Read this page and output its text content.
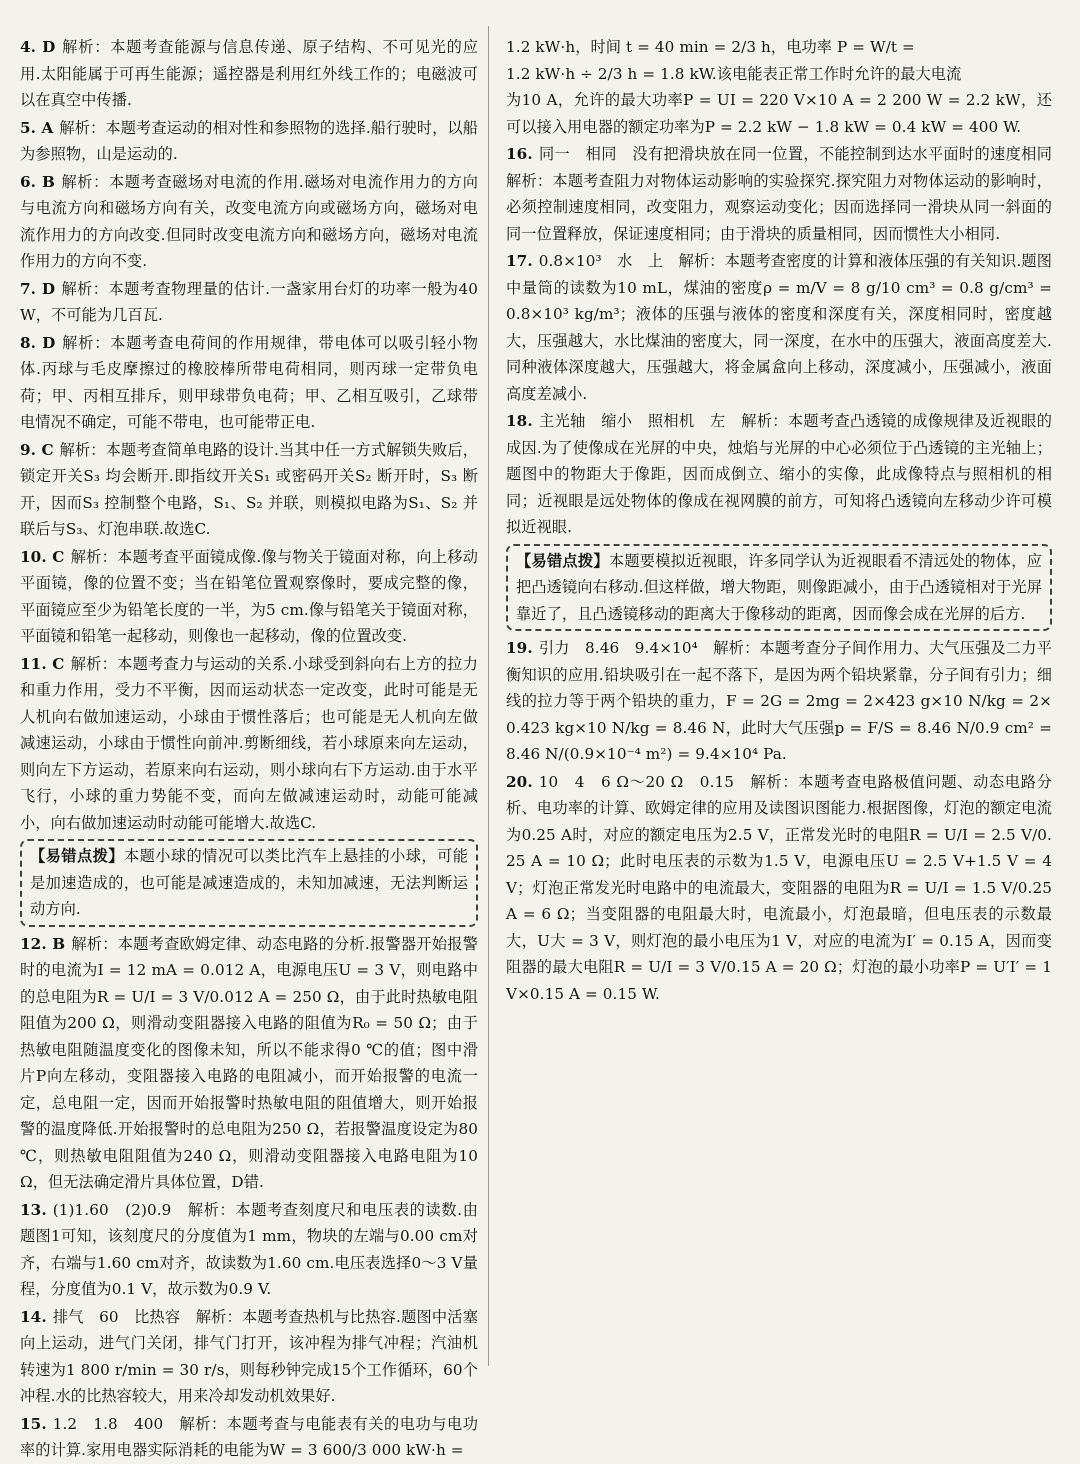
4. D 解析：本题考查能源与信息传递、原子结构、不可见光的应用.太阳能属于可再生能源；遥控器是利用红外线工作的；电磁波可以在真空中传播.
5. A 解析：本题考查运动的相对性和参照物的选择.船行驶时，以船为参照物，山是运动的.
6. B 解析：本题考查磁场对电流的作用.磁场对电流作用力的方向与电流方向和磁场方向有关，改变电流方向或磁场方向，磁场对电流作用力的方向改变.但同时改变电流方向和磁场方向，磁场对电流作用力的方向不变.
7. D 解析：本题考查物理量的估计.一盏家用台灯的功率一般为40 W，不可能为几百瓦.
8. D 解析：本题考查电荷间的作用规律，带电体可以吸引轻小物体.丙球与毛皮摩擦过的橡胶棒所带电荷相同，则丙球一定带负电荷；甲、丙相互排斥，则甲球带负电荷；甲、乙相互吸引，乙球带电情况不确定，可能不带电，也可能带正电.
9. C 解析：本题考查简单电路的设计.当其中任一方式解锁失败后，锁定开关S₃ 均会断开.即指纹开关S₁ 或密码开关S₂ 断开时，S₃ 断开，因而S₃ 控制整个电路，S₁、S₂ 并联，则模拟电路为S₁、S₂ 并联后与S₃、灯泡串联.故选C.
10. C 解析：本题考查平面镜成像.像与物关于镜面对称，向上移动平面镜，像的位置不变；当在铅笔位置观察像时，要成完整的像，平面镜应至少为铅笔长度的一半，为5 cm.像与铅笔关于镜面对称，平面镜和铅笔一起移动，则像也一起移动，像的位置改变.
11. C 解析：本题考查力与运动的关系.小球受到斜向右上方的拉力和重力作用，受力不平衡，因而运动状态一定改变，此时可能是无人机向右做加速运动，小球由于惯性落后；也可能是无人机向左做减速运动，小球由于惯性向前冲.剪断细线，若小球原来向左运动，则向左下方运动，若原来向右运动，则小球向右下方运动.由于水平飞行，小球的重力势能不变，而向左做减速运动时，动能可能减小，向右做加速运动时动能可能增大.故选C.
【易错点拨】本题小球的情况可以类比汽车上悬挂的小球，可能是加速造成的，也可能是减速造成的，未知加减速，无法判断运动方向.
12. B 解析：本题考查欧姆定律、动态电路的分析.报警器开始报警时的电流为I = 12 mA = 0.012 A，电源电压U = 3 V，则电路中的总电阻为R = U/I = 3 V/0.012 A = 250 Ω，由于此时热敏电阻阻值为200 Ω，则滑动变阻器接入电路的阻值为R₀ = 50 Ω；由于热敏电阻随温度变化的图像未知，所以不能求得0 ℃的值；图中滑片P向左移动，变阻器接入电路的电阻减小，而开始报警的电流一定，总电阻一定，因而开始报警时热敏电阻的阻值增大，则开始报警的温度降低.开始报警时的总电阻为250 Ω，若报警温度设定为80 ℃，则热敏电阻阻值为240 Ω，则滑动变阻器接入电路电阻为10 Ω，但无法确定滑片具体位置，D错.
13. (1)1.60　(2)0.9　解析：本题考查刻度尺和电压表的读数.由题图1可知，该刻度尺的分度值为1 mm，物块的左端与0.00 cm对齐，右端与1.60 cm对齐，故读数为1.60 cm.电压表选择0～3 V量程，分度值为0.1 V，故示数为0.9 V.
14. 排气　60　比热容　解析：本题考查热机与比热容.题图中活塞向上运动，进气门关闭，排气门打开，该冲程为排气冲程；汽油机转速为1 800 r/min = 30 r/s，则每秒钟完成15个工作循环，60个冲程.水的比热容较大，用来冷却发动机效果好.
15. 1.2　1.8　400　解析：本题考查与电能表有关的电功与电功率的计算.家用电器实际消耗的电能为W = 3 600/3 000 kW·h =
1.2 kW·h，时间 t = 40 min = 2/3 h，电功率 P = W/t =
1.2 kW·h ÷ 2/3 h = 1.8 kW.该电能表正常工作时允许的最大电流
为10 A，允许的最大功率P = UI = 220 V×10 A = 2 200 W = 2.2 kW，还可以接入用电器的额定功率为P = 2.2 kW − 1.8 kW = 0.4 kW = 400 W.
16. 同一　相同　没有把滑块放在同一位置，不能控制到达水平面时的速度相同　解析：本题考查阻力对物体运动影响的实验探究.探究阻力对物体运动的影响时，必须控制速度相同，改变阻力，观察运动变化；因而选择同一滑块从同一斜面的同一位置释放，保证速度相同；由于滑块的质量相同，因而惯性大小相同.
17. 0.8×10³　水　上　解析：本题考查密度的计算和液体压强的有关知识.题图中量筒的读数为10 mL，煤油的密度ρ = m/V = 8 g/10 cm³ = 0.8 g/cm³ = 0.8×10³ kg/m³；液体的压强与液体的密度和深度有关，深度相同时，密度越大，压强越大，水比煤油的密度大，同一深度，在水中的压强大，液面高度差大.同种液体深度越大，压强越大，将金属盒向上移动，深度减小，压强减小，液面高度差减小.
18. 主光轴　缩小　照相机　左　解析：本题考查凸透镜的成像规律及近视眼的成因.为了使像成在光屏的中央，烛焰与光屏的中心必须位于凸透镜的主光轴上；题图中的物距大于像距，因而成倒立、缩小的实像，此成像特点与照相机的相同；近视眼是远处物体的像成在视网膜的前方，可知将凸透镜向左移动少许可模拟近视眼.
【易错点拨】本题要模拟近视眼，许多同学认为近视眼看不清远处的物体，应把凸透镜向右移动.但这样做，增大物距，则像距减小，由于凸透镜相对于光屏靠近了，且凸透镜移动的距离大于像移动的距离，因而像会成在光屏的后方.
19. 引力　8.46　9.4×10⁴　解析：本题考查分子间作用力、大气压强及二力平衡知识的应用.铅块吸引在一起不落下，是因为两个铅块紧靠，分子间有引力；细线的拉力等于两个铅块的重力，F = 2G = 2mg = 2×423 g×10 N/kg = 2×0.423 kg×10 N/kg = 8.46 N，此时大气压强p = F/S = 8.46 N/0.9 cm² = 8.46 N/(0.9×10⁻⁴ m²) = 9.4×10⁴ Pa.
20. 10　4　6 Ω～20 Ω　0.15　解析：本题考查电路极值问题、动态电路分析、电功率的计算、欧姆定律的应用及读图识图能力.根据图像，灯泡的额定电流为0.25 A时，对应的额定电压为2.5 V，正常发光时的电阻R = U/I = 2.5 V/0.25 A = 10 Ω；此时电压表的示数为1.5 V，电源电压U = 2.5 V+1.5 V = 4 V；灯泡正常发光时电路中的电流最大，变阻器的电阻为R = U/I = 1.5 V/0.25 A = 6 Ω；当变阻器的电阻最大时，电流最小，灯泡最暗，但电压表的示数最大，U大 = 3 V，则灯泡的最小电压为1 V，对应的电流为I′ = 0.15 A，因而变阻器的最大电阻R = U/I = 3 V/0.15 A = 20 Ω；灯泡的最小功率P = U′I′ = 1 V×0.15 A = 0.15 W.
